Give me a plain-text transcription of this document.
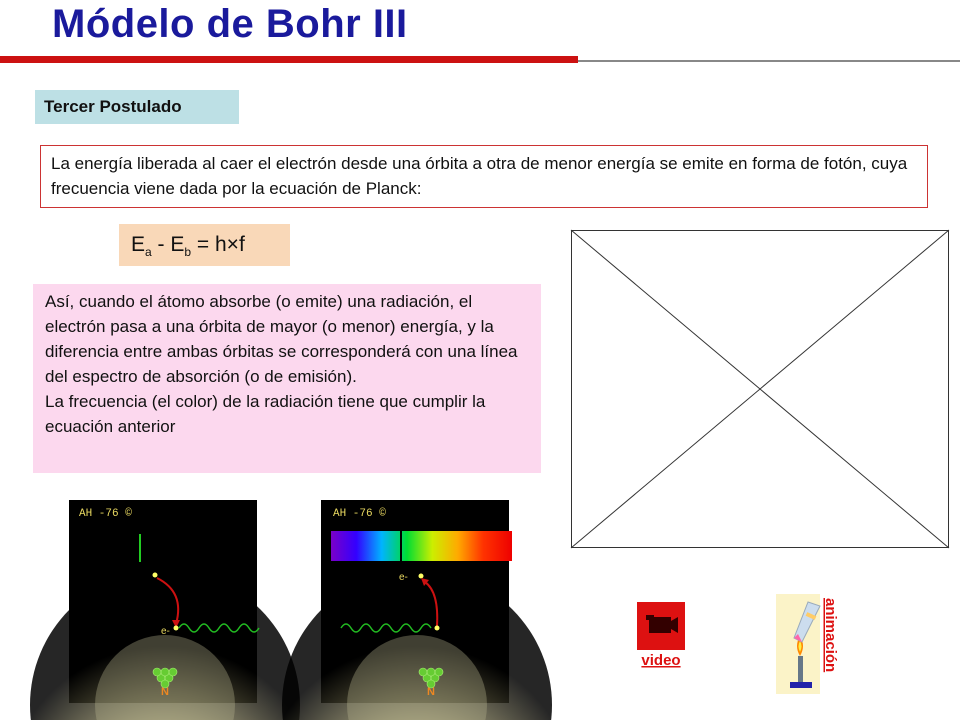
Módelo de Bohr III
Tercer Postulado
La energía liberada al caer el electrón desde una órbita a otra de menor energía se emite en forma de fotón, cuya frecuencia viene dada por la ecuación de Planck:
$E_a - E_b = h\times f$

Así, cuando el átomo absorbe (o emite) una radiación, el electrón pasa a una órbita de mayor (o menor) energía, y la diferencia entre ambas órbitas se corresponderá con una línea del espectro de absorción (o de emisión).

La frecuencia (el color) de la radiación tiene que cumplir la ecuación anterior

AH -76 ©
e-
N
AH -76 ©
e-
N
video	animación
